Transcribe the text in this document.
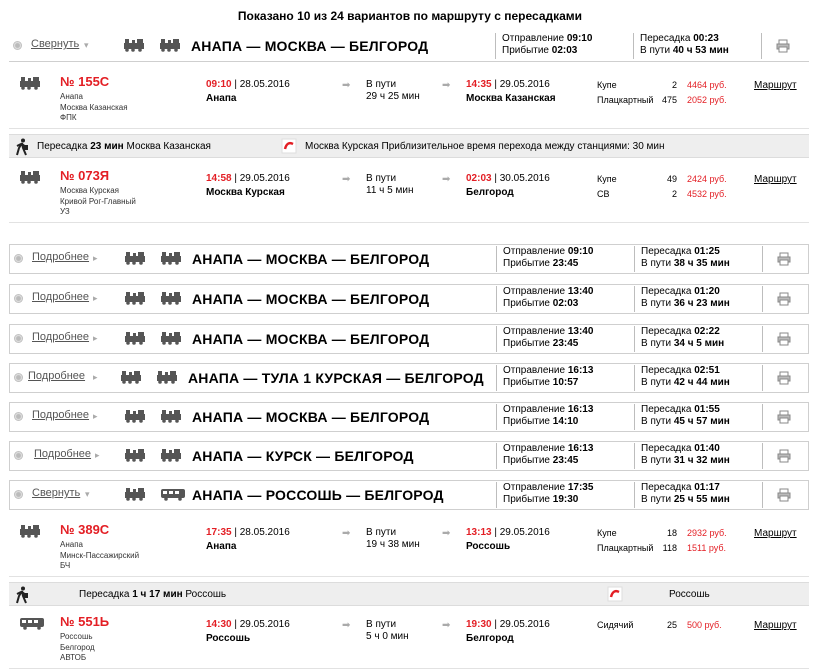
Показано 10 из 24 вариантов по маршруту с пересадками
Свернуть ▾	АНАПА — МОСКВА — БЕЛГОРОД	Отправление 09:10
Прибытие 02:03
Пересадка 00:23
В пути 40 ч 53 мин
№ 155С
Анапа
Москва Казанская
ФПК
09:10 | 28.05.2016
Анапа
➡ В пути
29 ч 25 мин
➡ 14:35 | 29.05.2016
Москва Казанская
Купе	2 4464 руб.
Плацкартный 475 2052 руб.
Маршрут
Пересадка 23 мин Москва Казанская	Москва Курская Приблизительное время перехода между станциями: 30 мин
№ 073Я
Москва Курская
Кривой Рог-Главный
УЗ
14:58 | 29.05.2016
Москва Курская
➡ В пути
11 ч 5 мин
➡ 02:03 | 30.05.2016
Белгород
Купе	49 2424 руб.
СВ	2 4532 руб.
Маршрут
Подробнее ▸	АНАПА — МОСКВА — БЕЛГОРОД	Отправление 09:10
Прибытие 23:45
Пересадка 01:25
В пути 38 ч 35 мин
Подробнее ▸	АНАПА — МОСКВА — БЕЛГОРОД	Отправление 13:40
Прибытие 02:03
Пересадка 01:20
В пути 36 ч 23 мин
Подробнее ▸	АНАПА — МОСКВА — БЕЛГОРОД	Отправление 13:40
Прибытие 23:45
Пересадка 02:22
В пути 34 ч 5 мин
Подробнее ▸	АНАПА — ТУЛА 1 КУРСКАЯ — БЕЛГОРОД Отправление 16:13
Прибытие 10:57
Пересадка 02:51
В пути 42 ч 44 мин
Подробнее ▸	АНАПА — МОСКВА — БЕЛГОРОД	Отправление 16:13
Прибытие 14:10
Пересадка 01:55
В пути 45 ч 57 мин
Подробнее ▸	АНАПА — КУРСК — БЕЛГОРОД	Отправление 16:13
Прибытие 23:45
Пересадка 01:40
В пути 31 ч 32 мин
Свернуть ▾	АНАПА — РОССОШЬ — БЕЛГОРОД	Отправление 17:35
Прибытие 19:30
Пересадка 01:17
В пути 25 ч 55 мин
№ 389С
Анапа
Минск-Пассажирский
БЧ
17:35 | 28.05.2016
Анапа
➡ В пути
19 ч 38 мин
➡ 13:13 | 29.05.2016
Россошь
Купе	18 2932 руб.
Плацкартный	118 1511 руб.
Маршрут
Пересадка 1 ч 17 мин Россошь	Россошь
№ 551Ь
Россошь
Белгород
АВТОБ
14:30 | 29.05.2016
Россошь
➡ В пути
5 ч 0 мин
➡ 19:30 | 29.05.2016
Белгород
Сидячий	25 500 руб.	Маршрут
